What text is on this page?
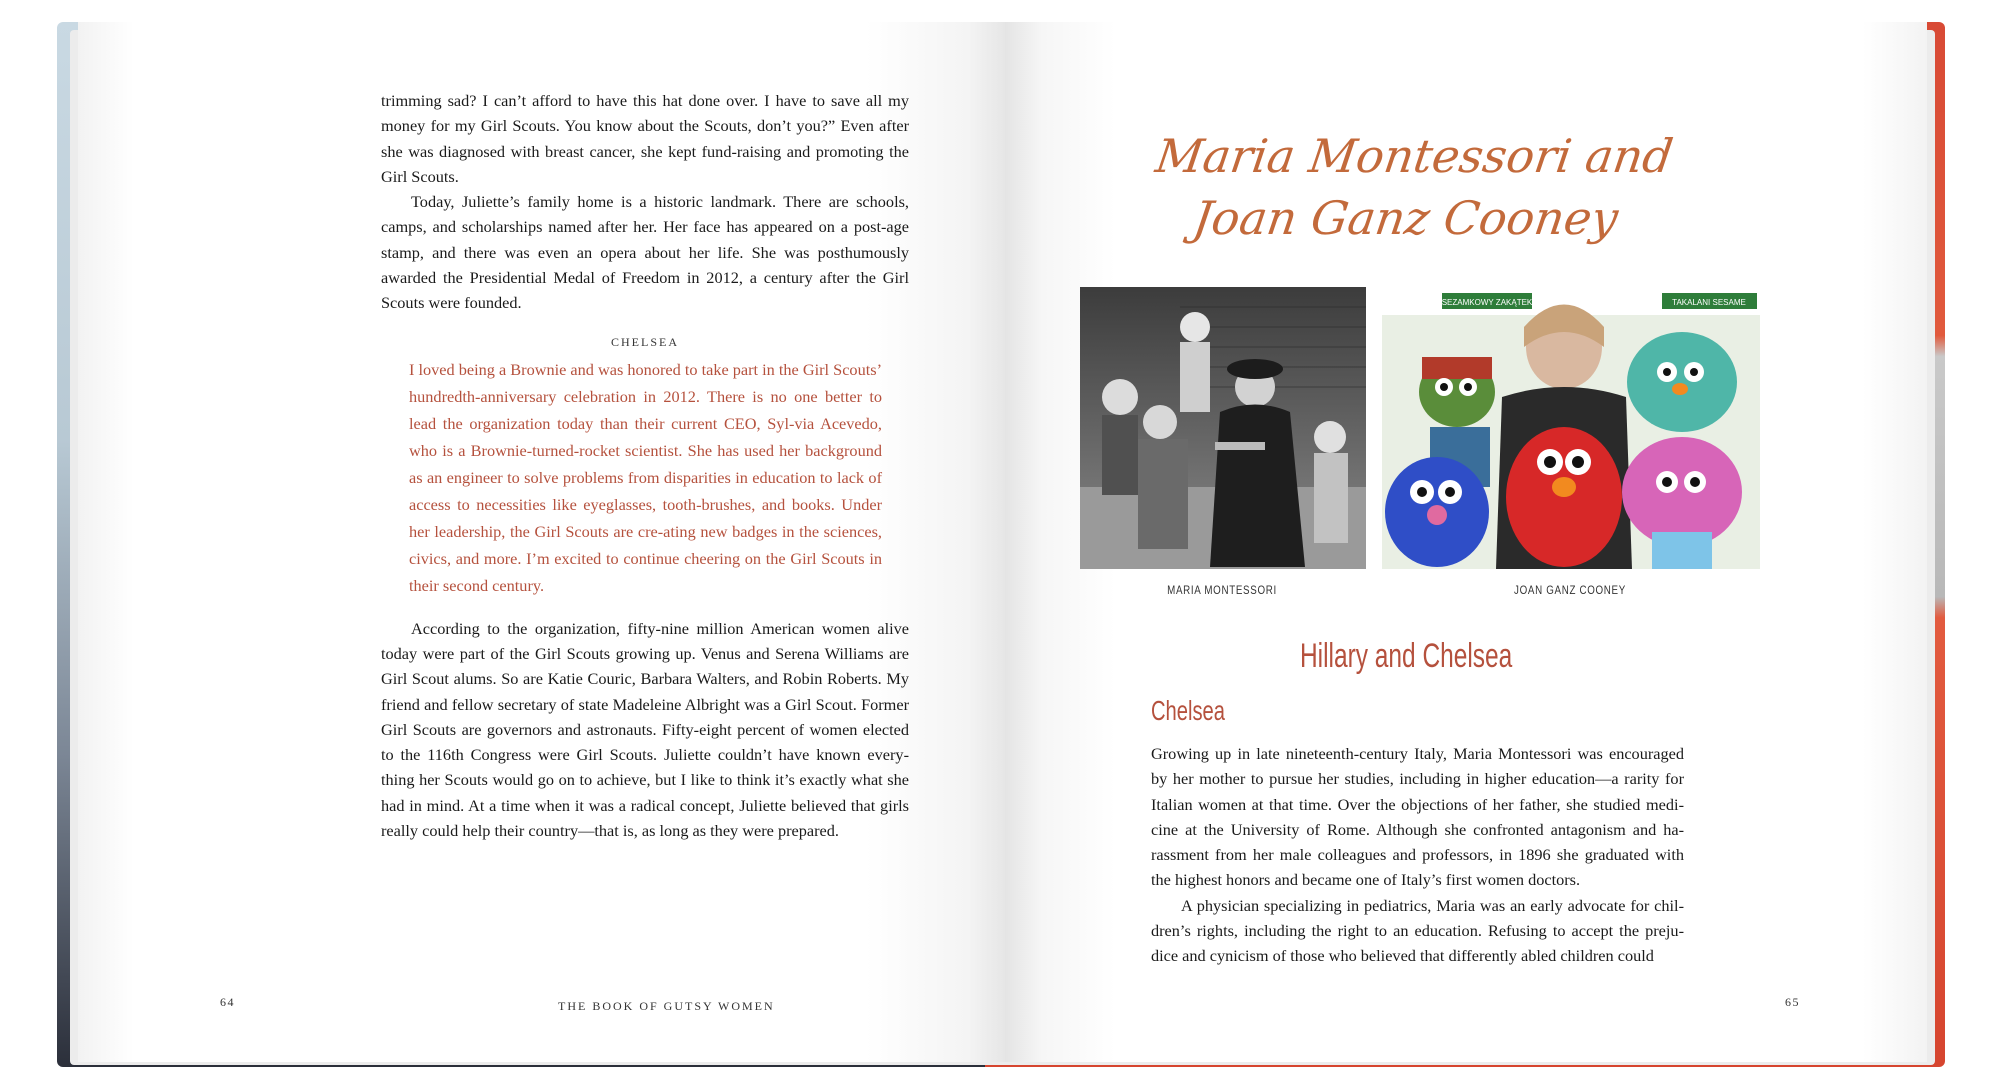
trimming sad? I can’t afford to have this hat done over. I have to save all my money for my Girl Scouts. You know about the Scouts, don’t you?” Even after she was diagnosed with breast cancer, she kept fund-raising and promoting the Girl Scouts.

Today, Juliette’s family home is a historic landmark. There are schools, camps, and scholarships named after her. Her face has appeared on a post-age stamp, and there was even an opera about her life. She was posthumously awarded the Presidential Medal of Freedom in 2012, a century after the Girl Scouts were founded.

CHELSEA

I loved being a Brownie and was honored to take part in the Girl Scouts’ hundredth-anniversary celebration in 2012. There is no one better to lead the organization today than their current CEO, Syl-via Acevedo, who is a Brownie-turned-rocket scientist. She has used her background as an engineer to solve problems from disparities in education to lack of access to necessities like eyeglasses, tooth-brushes, and books. Under her leadership, the Girl Scouts are cre-ating new badges in the sciences, civics, and more. I’m excited to continue cheering on the Girl Scouts in their second century.

According to the organization, fifty-nine million American women alive today were part of the Girl Scouts growing up. Venus and Serena Williams are Girl Scout alums. So are Katie Couric, Barbara Walters, and Robin Roberts. My friend and fellow secretary of state Madeleine Albright was a Girl Scout. Former Girl Scouts are governors and astronauts. Fifty-eight percent of women elected to the 116th Congress were Girl Scouts. Juliette couldn’t have known every-thing her Scouts would go on to achieve, but I like to think it’s exactly what she had in mind. At a time when it was a radical concept, Juliette believed that girls really could help their country—that is, as long as they were prepared.

64	THE BOOK OF GUTSY WOMEN
Maria Montessori and
Joan Ganz Cooney
SEZAMKOWY ZAKĄTEK	TAKALANI SESAME
MARIA MONTESSORI	JOAN GANZ COONEY
Hillary and Chelsea
Chelsea

Growing up in late nineteenth-century Italy, Maria Montessori was encouraged by her mother to pursue her studies, including in higher education—a rarity for Italian women at that time. Over the objections of her father, she studied medi-cine at the University of Rome. Although she confronted antagonism and ha-rassment from her male colleagues and professors, in 1896 she graduated with the highest honors and became one of Italy’s first women doctors.

A physician specializing in pediatrics, Maria was an early advocate for chil-dren’s rights, including the right to an education. Refusing to accept the preju-dice and cynicism of those who believed that differently abled children could

65
